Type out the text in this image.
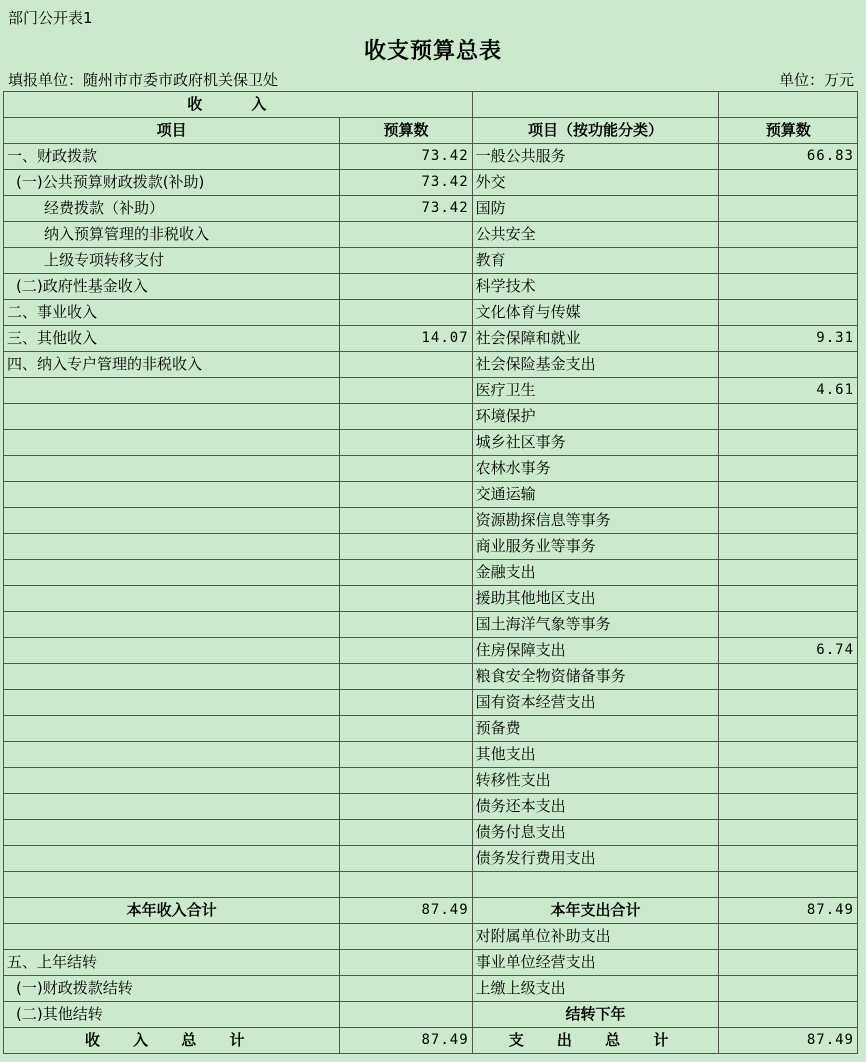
部门公开表1
收支预算总表
填报单位：随州市市委市政府机关保卫处	单位：万元
收 入			
项目	预算数	项目（按功能分类）	预算数
一、财政拨款	73.42	一般公共服务	66.83
(一)公共预算财政拨款(补助)	73.42	外交	
经费拨款（补助）	73.42	国防	
纳入预算管理的非税收入		公共安全	
上级专项转移支付		教育	
(二)政府性基金收入		科学技术	
二、事业收入		文化体育与传媒	
三、其他收入	14.07	社会保障和就业	9.31
四、纳入专户管理的非税收入		社会保险基金支出	
		医疗卫生	4.61
		环境保护	
		城乡社区事务	
		农林水事务	
		交通运输	
		资源勘探信息等事务	
		商业服务业等事务	
		金融支出	
		援助其他地区支出	
		国土海洋气象等事务	
		住房保障支出	6.74
		粮食安全物资储备事务	
		国有资本经营支出	
		预备费	
		其他支出	
		转移性支出	
		债务还本支出	
		债务付息支出	
		债务发行费用支出	

本年收入合计	87.49	本年支出合计	87.49
		对附属单位补助支出	
五、上年结转		事业单位经营支出	
(一)财政拨款结转		上缴上级支出	
(二)其他结转		结转下年	
收 入 总 计	87.49	支 出 总 计	87.49
